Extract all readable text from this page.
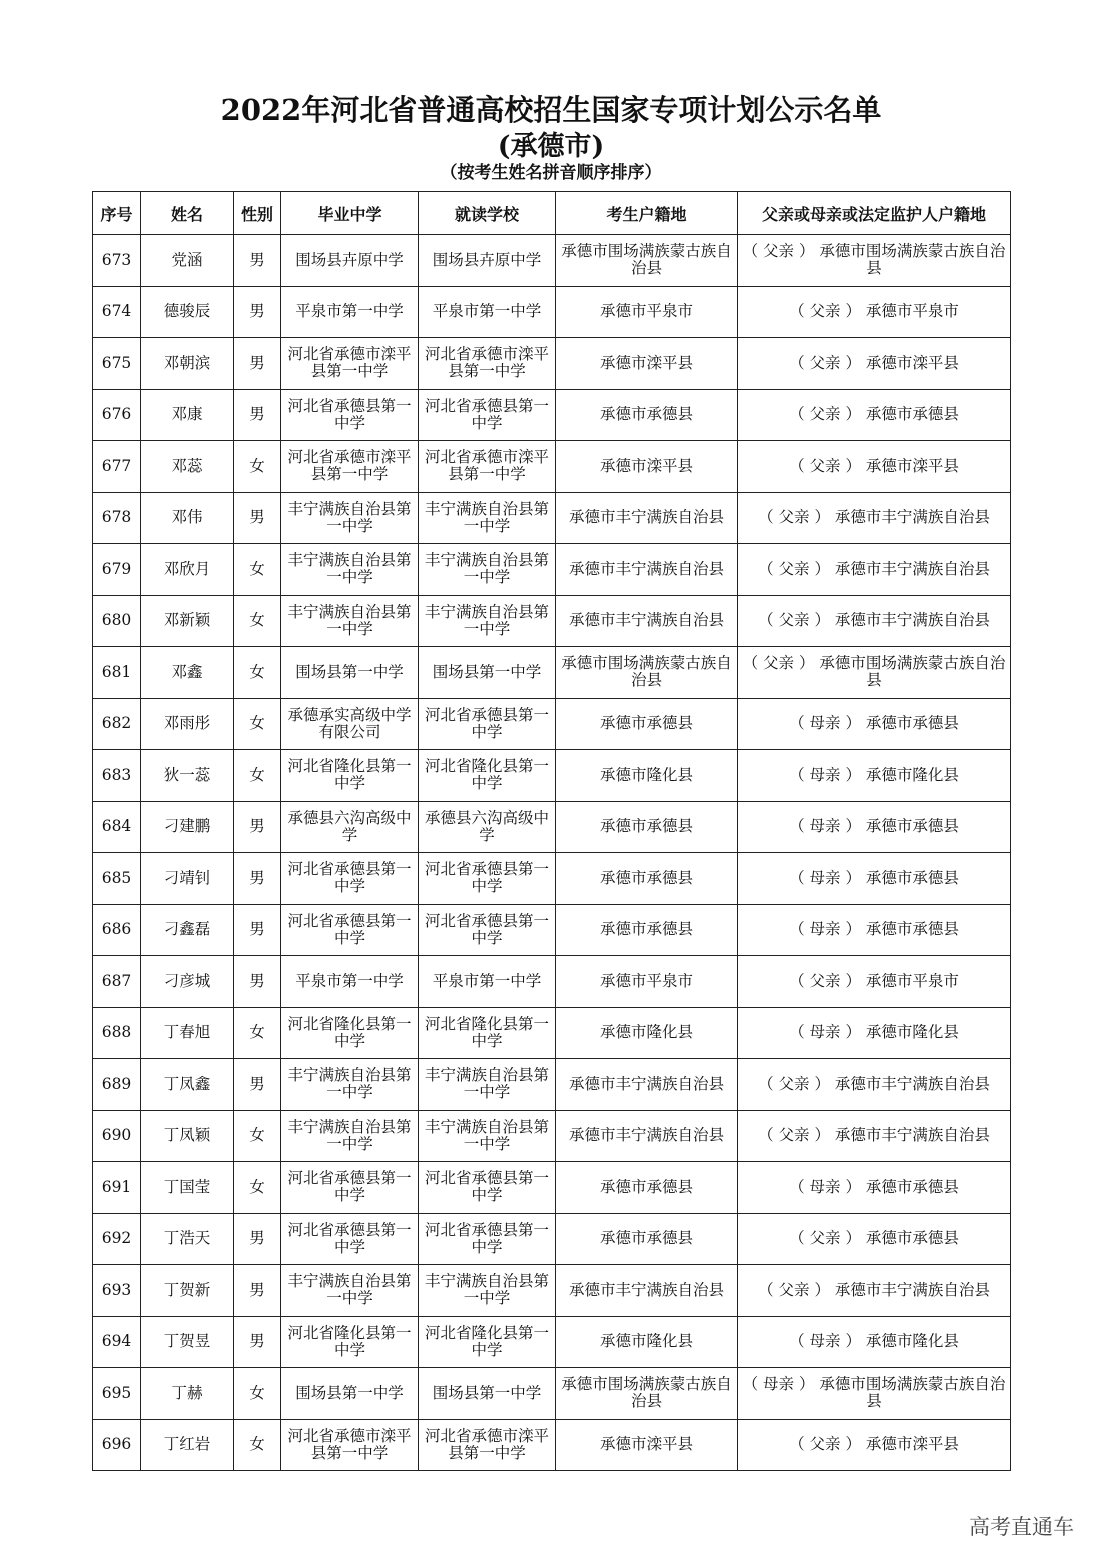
2022年河北省普通高校招生国家专项计划公示名单
(承德市)
（按考生姓名拼音顺序排序）
序号	姓名	性别	毕业中学	就读学校	考生户籍地	父亲或母亲或法定监护人户籍地
673	党涵	男	围场县卉原中学	围场县卉原中学	承德市围场满族蒙古族自治县	（ 父亲 ） 承德市围场满族蒙古族自治县
674	德骏辰	男	平泉市第一中学	平泉市第一中学	承德市平泉市	（ 父亲 ） 承德市平泉市
675	邓朝滨	男	河北省承德市滦平县第一中学	河北省承德市滦平县第一中学	承德市滦平县	（ 父亲 ） 承德市滦平县
676	邓康	男	河北省承德县第一中学	河北省承德县第一中学	承德市承德县	（ 父亲 ） 承德市承德县
677	邓蕊	女	河北省承德市滦平县第一中学	河北省承德市滦平县第一中学	承德市滦平县	（ 父亲 ） 承德市滦平县
678	邓伟	男	丰宁满族自治县第一中学	丰宁满族自治县第一中学	承德市丰宁满族自治县	（ 父亲 ） 承德市丰宁满族自治县
679	邓欣月	女	丰宁满族自治县第一中学	丰宁满族自治县第一中学	承德市丰宁满族自治县	（ 父亲 ） 承德市丰宁满族自治县
680	邓新颖	女	丰宁满族自治县第一中学	丰宁满族自治县第一中学	承德市丰宁满族自治县	（ 父亲 ） 承德市丰宁满族自治县
681	邓鑫	女	围场县第一中学	围场县第一中学	承德市围场满族蒙古族自治县	（ 父亲 ） 承德市围场满族蒙古族自治县
682	邓雨彤	女	承德承实高级中学有限公司	河北省承德县第一中学	承德市承德县	（ 母亲 ） 承德市承德县
683	狄一蕊	女	河北省隆化县第一中学	河北省隆化县第一中学	承德市隆化县	（ 母亲 ） 承德市隆化县
684	刁建鹏	男	承德县六沟高级中学	承德县六沟高级中学	承德市承德县	（ 母亲 ） 承德市承德县
685	刁靖钊	男	河北省承德县第一中学	河北省承德县第一中学	承德市承德县	（ 母亲 ） 承德市承德县
686	刁鑫磊	男	河北省承德县第一中学	河北省承德县第一中学	承德市承德县	（ 母亲 ） 承德市承德县
687	刁彦城	男	平泉市第一中学	平泉市第一中学	承德市平泉市	（ 父亲 ） 承德市平泉市
688	丁春旭	女	河北省隆化县第一中学	河北省隆化县第一中学	承德市隆化县	（ 母亲 ） 承德市隆化县
689	丁凤鑫	男	丰宁满族自治县第一中学	丰宁满族自治县第一中学	承德市丰宁满族自治县	（ 父亲 ） 承德市丰宁满族自治县
690	丁凤颖	女	丰宁满族自治县第一中学	丰宁满族自治县第一中学	承德市丰宁满族自治县	（ 父亲 ） 承德市丰宁满族自治县
691	丁国莹	女	河北省承德县第一中学	河北省承德县第一中学	承德市承德县	（ 母亲 ） 承德市承德县
692	丁浩天	男	河北省承德县第一中学	河北省承德县第一中学	承德市承德县	（ 父亲 ） 承德市承德县
693	丁贺新	男	丰宁满族自治县第一中学	丰宁满族自治县第一中学	承德市丰宁满族自治县	（ 父亲 ） 承德市丰宁满族自治县
694	丁贺昱	男	河北省隆化县第一中学	河北省隆化县第一中学	承德市隆化县	（ 母亲 ） 承德市隆化县
695	丁赫	女	围场县第一中学	围场县第一中学	承德市围场满族蒙古族自治县	（ 母亲 ） 承德市围场满族蒙古族自治县
696	丁红岩	女	河北省承德市滦平县第一中学	河北省承德市滦平县第一中学	承德市滦平县	（ 父亲 ） 承德市滦平县
高考直通车
